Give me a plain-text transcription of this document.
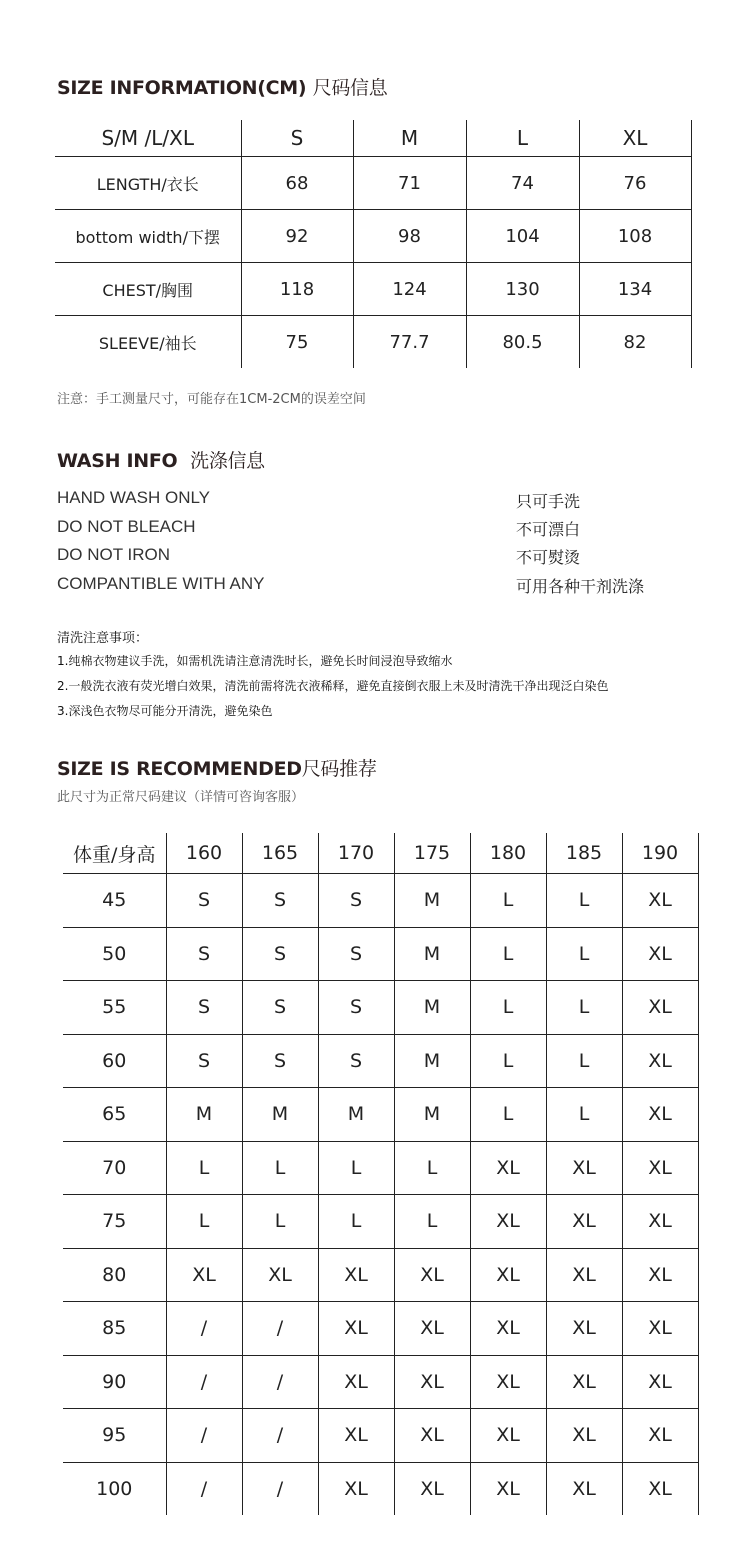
SIZE INFORMATION(CM) 尺码信息
S/M /L/XL	S	M	L	XL
LENGTH/衣长	68	71	74	76
bottom width/下摆	92	98	104	108
CHEST/胸围	118	124	130	134
SLEEVE/袖长	75	77.7	80.5	82
注意：手工测量尺寸，可能存在1CM-2CM的误差空间
WASH INFO 洗涤信息
HAND WASH ONLY	只可手洗
DO NOT BLEACH	不可漂白
DO NOT IRON	不可熨烫
COMPANTIBLE WITH ANY	可用各种干剂洗涤
清洗注意事项：
1.纯棉衣物建议手洗，如需机洗请注意清洗时长，避免长时间浸泡导致缩水
2.一般洗衣液有荧光增白效果，清洗前需将洗衣液稀释，避免直接倒衣服上未及时清洗干净出现泛白染色
3.深浅色衣物尽可能分开清洗，避免染色
SIZE IS RECOMMENDED尺码推荐
此尺寸为正常尺码建议（详情可咨询客服）
体重/身高	160	165	170	175	180	185	190
45	S	S	S	M	L	L	XL
50	S	S	S	M	L	L	XL
55	S	S	S	M	L	L	XL
60	S	S	S	M	L	L	XL
65	M	M	M	M	L	L	XL
70	L	L	L	L	XL	XL	XL
75	L	L	L	L	XL	XL	XL
80	XL	XL	XL	XL	XL	XL	XL
85	/	/	XL	XL	XL	XL	XL
90	/	/	XL	XL	XL	XL	XL
95	/	/	XL	XL	XL	XL	XL
100	/	/	XL	XL	XL	XL	XL
